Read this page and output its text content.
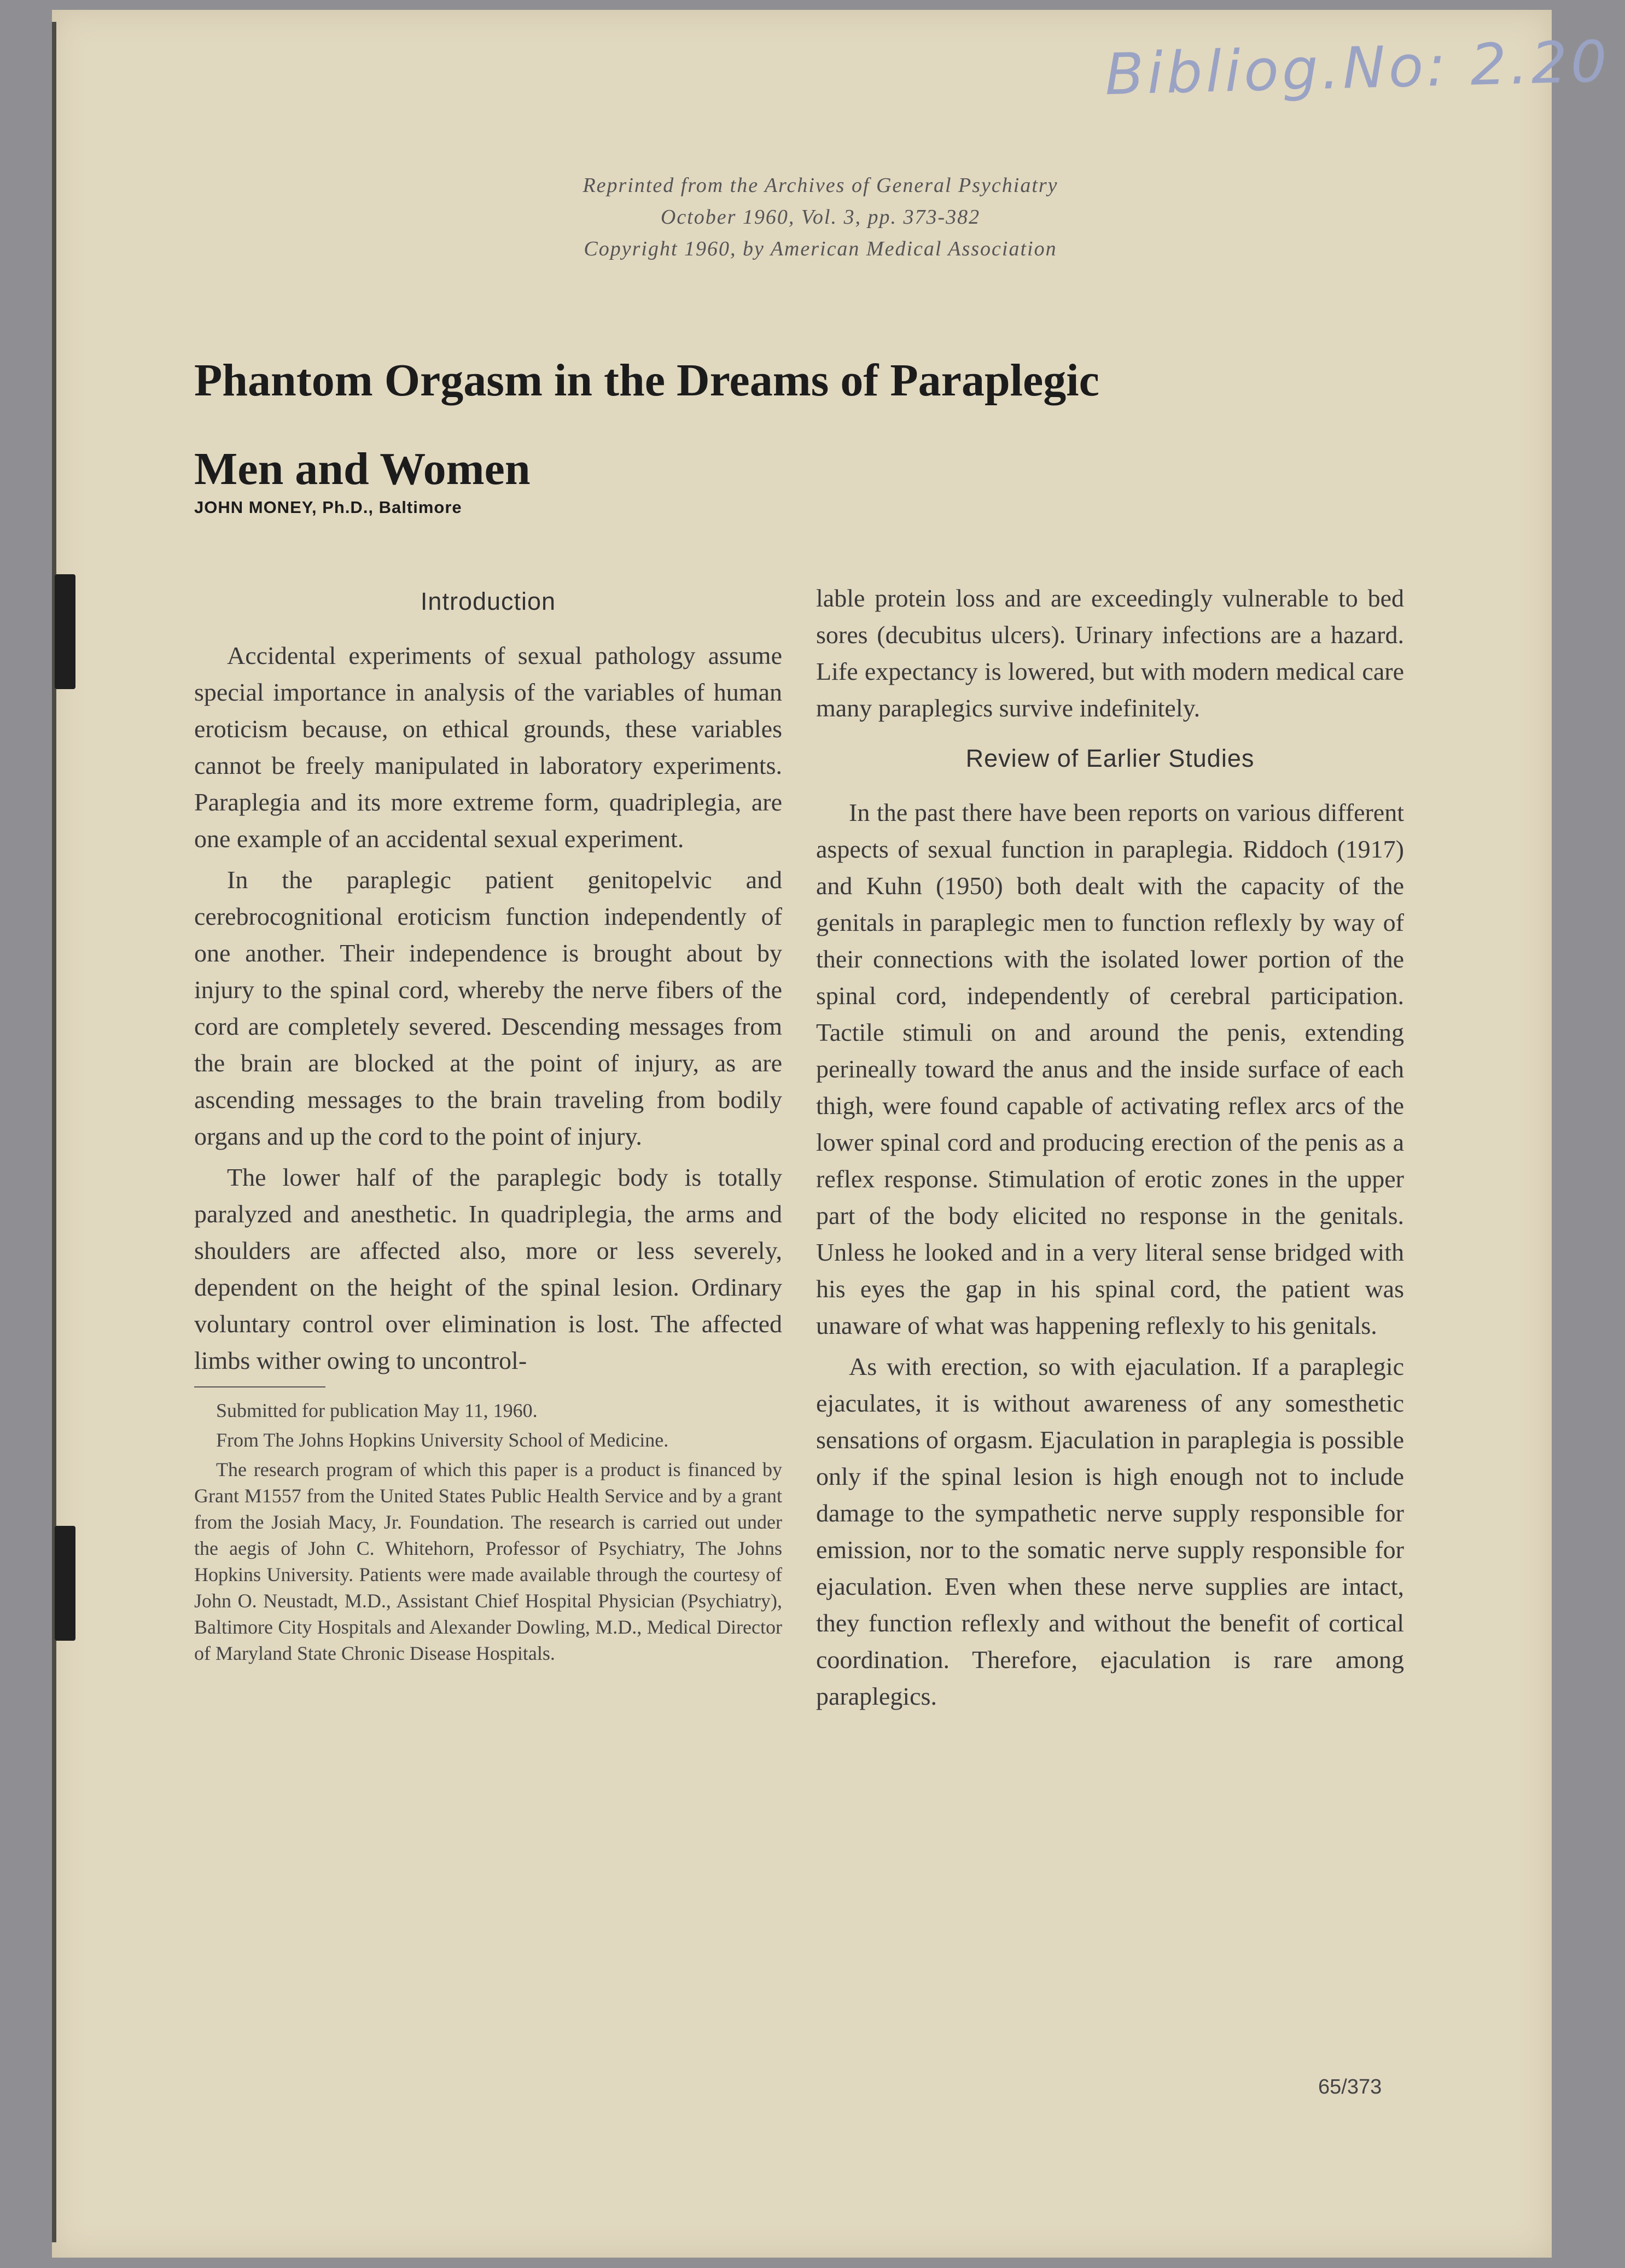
Bibliog.No: 2.20
Reprinted from the Archives of General Psychiatry
October 1960, Vol. 3, pp. 373-382
Copyright 1960, by American Medical Association
Phantom Orgasm in the Dreams of Paraplegic
Men and Women
JOHN MONEY, Ph.D., Baltimore
Introduction

Accidental experiments of sexual pathology assume special importance in analysis of the variables of human eroticism because, on ethical grounds, these variables cannot be freely manipulated in laboratory experiments. Paraplegia and its more extreme form, quadriplegia, are one example of an accidental sexual experiment.

In the paraplegic patient genitopelvic and cerebrocognitional eroticism function independently of one another. Their independence is brought about by injury to the spinal cord, whereby the nerve fibers of the cord are completely severed. Descending messages from the brain are blocked at the point of injury, as are ascending messages to the brain traveling from bodily organs and up the cord to the point of injury.

The lower half of the paraplegic body is totally paralyzed and anesthetic. In quadriplegia, the arms and shoulders are affected also, more or less severely, dependent on the height of the spinal lesion. Ordinary voluntary control over elimination is lost. The affected limbs wither owing to uncontrol-

Submitted for publication May 11, 1960.

From The Johns Hopkins University School of Medicine.

The research program of which this paper is a product is financed by Grant M1557 from the United States Public Health Service and by a grant from the Josiah Macy, Jr. Foundation. The research is carried out under the aegis of John C. Whitehorn, Professor of Psychiatry, The Johns Hopkins University. Patients were made available through the courtesy of John O. Neustadt, M.D., Assistant Chief Hospital Physician (Psychiatry), Baltimore City Hospitals and Alexander Dowling, M.D., Medical Director of Maryland State Chronic Disease Hospitals.

lable protein loss and are exceedingly vulnerable to bed sores (decubitus ulcers). Urinary infections are a hazard. Life expectancy is lowered, but with modern medical care many paraplegics survive indefinitely.

Review of Earlier Studies

In the past there have been reports on various different aspects of sexual function in paraplegia. Riddoch (1917) and Kuhn (1950) both dealt with the capacity of the genitals in paraplegic men to function reflexly by way of their connections with the isolated lower portion of the spinal cord, independently of cerebral participation. Tactile stimuli on and around the penis, extending perineally toward the anus and the inside surface of each thigh, were found capable of activating reflex arcs of the lower spinal cord and producing erection of the penis as a reflex response. Stimulation of erotic zones in the upper part of the body elicited no response in the genitals. Unless he looked and in a very literal sense bridged with his eyes the gap in his spinal cord, the patient was unaware of what was happening reflexly to his genitals.

As with erection, so with ejaculation. If a paraplegic ejaculates, it is without awareness of any somesthetic sensations of orgasm. Ejaculation in paraplegia is possible only if the spinal lesion is high enough not to include damage to the sympathetic nerve supply responsible for emission, nor to the somatic nerve supply responsible for ejaculation. Even when these nerve supplies are intact, they function reflexly and without the benefit of cortical coordination. Therefore, ejaculation is rare among paraplegics.

65/373
